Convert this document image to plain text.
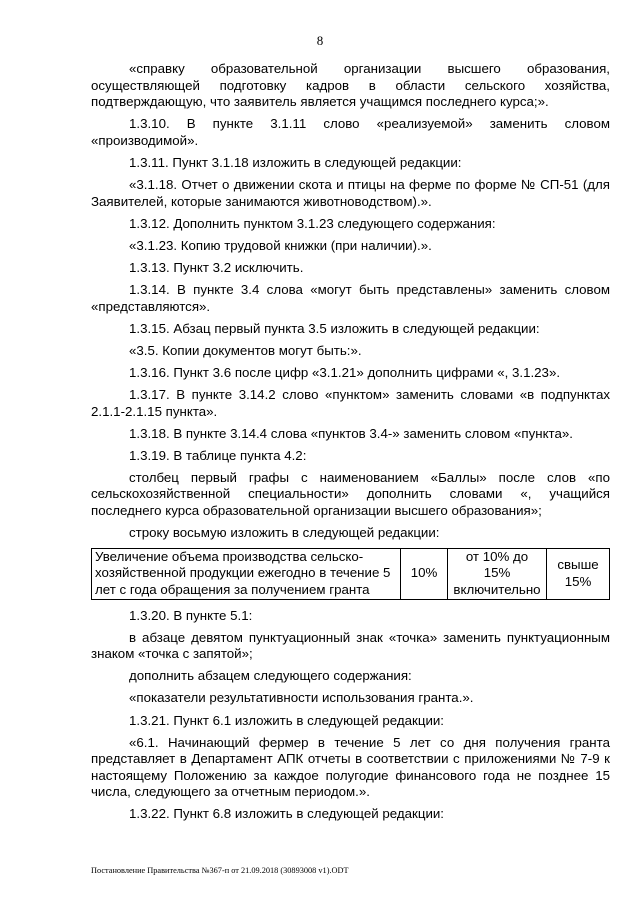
8

«справку образовательной организации высшего образования, осуществляющей подготовку кадров в области сельского хозяйства, подтверждающую, что заявитель является учащимся последнего курса;».

1.3.10. В пункте 3.1.11 слово «реализуемой» заменить словом «производимой».

1.3.11. Пункт 3.1.18 изложить в следующей редакции:

«3.1.18. Отчет о движении скота и птицы на ферме по форме № СП-51 (для Заявителей, которые занимаются животноводством).».

1.3.12. Дополнить пунктом 3.1.23 следующего содержания:

«3.1.23. Копию трудовой книжки (при наличии).».

1.3.13. Пункт 3.2 исключить.

1.3.14. В пункте 3.4 слова «могут быть представлены» заменить словом «представляются».

1.3.15. Абзац первый пункта 3.5 изложить в следующей редакции:

«3.5. Копии документов могут быть:».

1.3.16. Пункт 3.6 после цифр «3.1.21» дополнить цифрами «, 3.1.23».

1.3.17. В пункте 3.14.2 слово «пунктом» заменить словами «в подпунктах 2.1.1-2.1.15 пункта».

1.3.18. В пункте 3.14.4 слова «пунктов 3.4-» заменить словом «пункта».

1.3.19. В таблице пункта 4.2:

столбец первый графы с наименованием «Баллы» после слов «по сельскохозяйственной специальности» дополнить словами «, учащийся последнего курса образовательной организации высшего образования»;

строку восьмую изложить в следующей редакции:

Увеличение объема производства сельско-хозяйственной продукции ежегодно в течение 5 лет с года обращения за получением гранта	10%	от 10% до 15% включительно	свыше 15%

1.3.20. В пункте 5.1:

в абзаце девятом пунктуационный знак «точка» заменить пунктуационным знаком «точка с запятой»;

дополнить абзацем следующего содержания:

«показатели результативности использования гранта.».

1.3.21. Пункт 6.1 изложить в следующей редакции:

«6.1. Начинающий фермер в течение 5 лет со дня получения гранта представляет в Департамент АПК отчеты в соответствии с приложениями № 7-9 к настоящему Положению за каждое полугодие финансового года не позднее 15 числа, следующего за отчетным периодом.».

1.3.22. Пункт 6.8 изложить в следующей редакции:

Постановление Правительства №367-п от 21.09.2018 (30893008 v1).ODT
